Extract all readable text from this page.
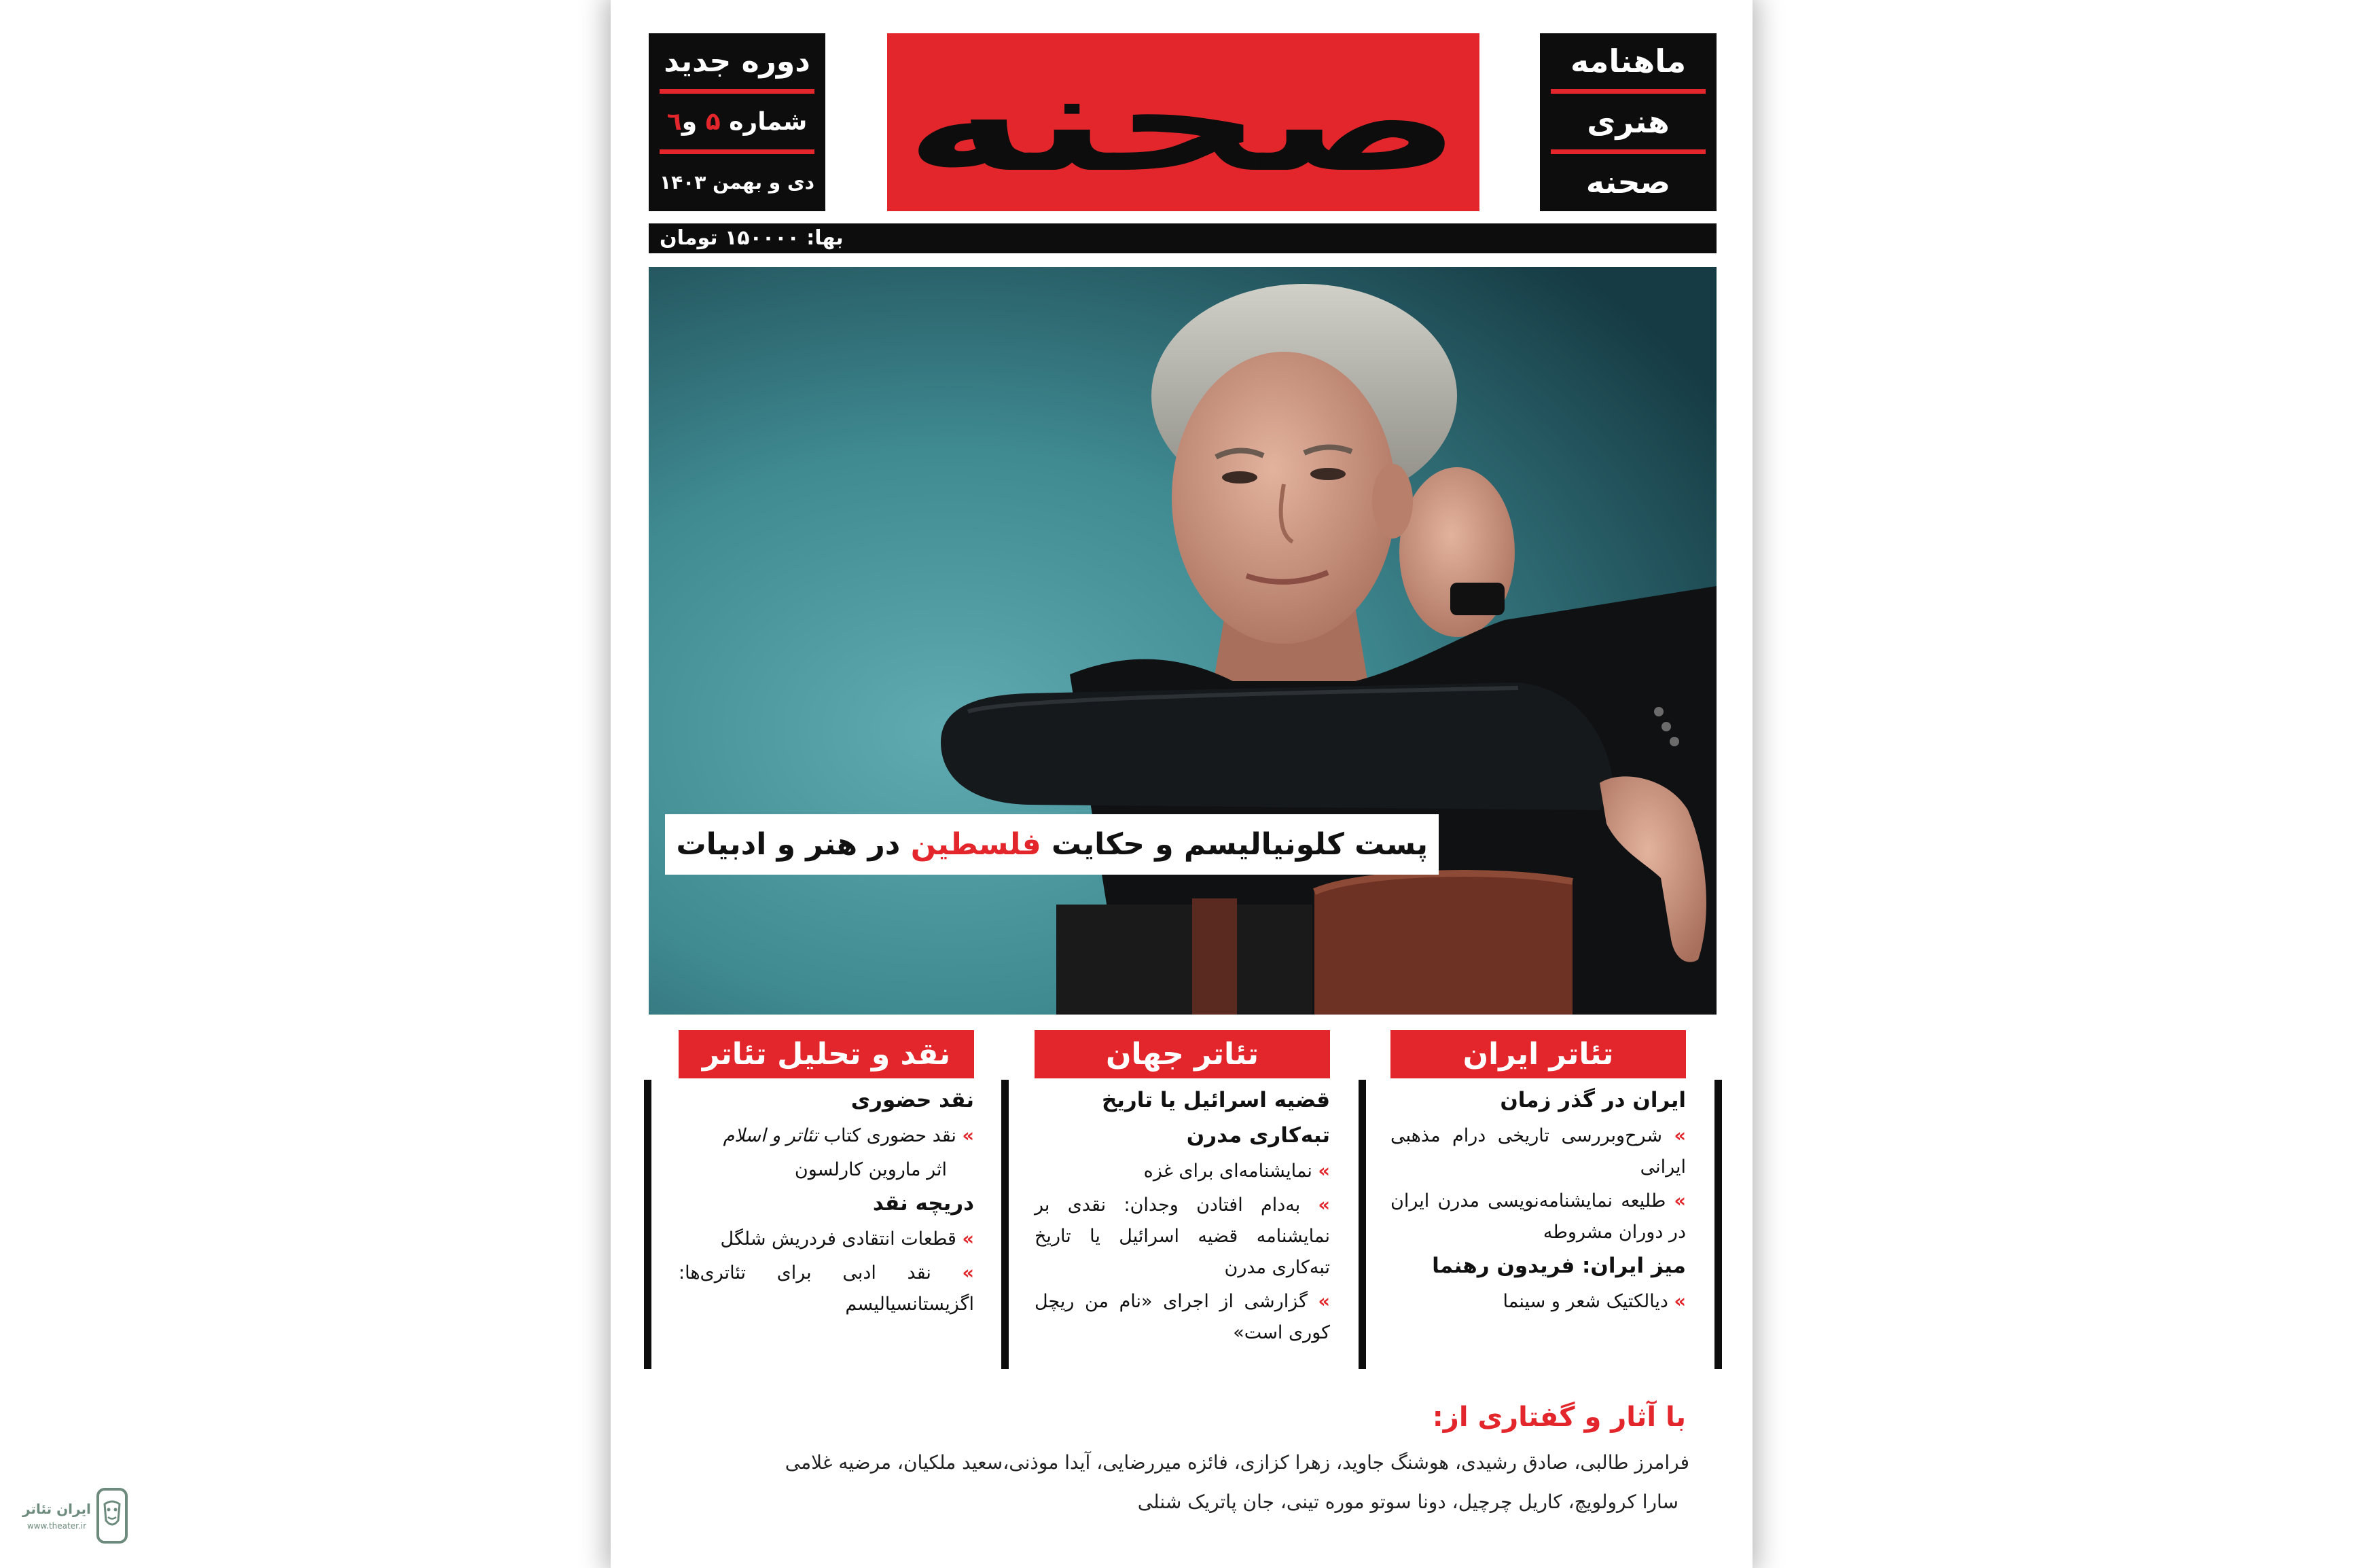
دوره جدید
شماره

۵

و
٦
دی و بهمن ۱۴۰۳ صحنه	ماهنامه
هنری
صحنه
بها: ۱۵۰۰۰۰ تومان
پست کلونیالیسم و حکایت فلسطین در هنر و ادبیات
تئاتر ایران
تئاتر جهان
نقد و تحلیل تئاتر
ایران در گذر زمان
» شرح‌وبررسی تاریخی درام مذهبی ایرانی
» طلیعه نمایشنامه‌نویسی مدرن ایران در دوران مشروطه
میز ایران: فریدون رهنما
» دیالکتیک شعر و سینما
قضیه اسرائیل یا تاریخ تبه‌کاری مدرن
» نمایشنامه‌ای برای غزه
» به‌دام افتادن وجدان: نقدی بر نمایشنامه قضیه اسرائیل یا تاریخ تبه‌کاری مدرن
» گزارشی از اجرای «نام من ریچل کوری است»
نقد حضوری
» نقد حضوری کتاب تئاتر و اسلام
اثر ماروین کارلسون
دریچه نقد
» قطعات انتقادی فردریش شلگل
» نقد ادبی برای تئاتری‌ها: اگزیستانسیالیسم
با آثار و گفتاری از:
فرامرز طالبی، صادق رشیدی، هوشنگ جاوید، زهرا کزازی، فائزه میررضایی، آیدا موذنی،سعید ملکیان، مرضیه غلامی
سارا کرولویچ، کاریل چرچیل، دونا سوتو موره تینی، جان پاتریک شنلی
ایران تئاتر
www.theater.ir
